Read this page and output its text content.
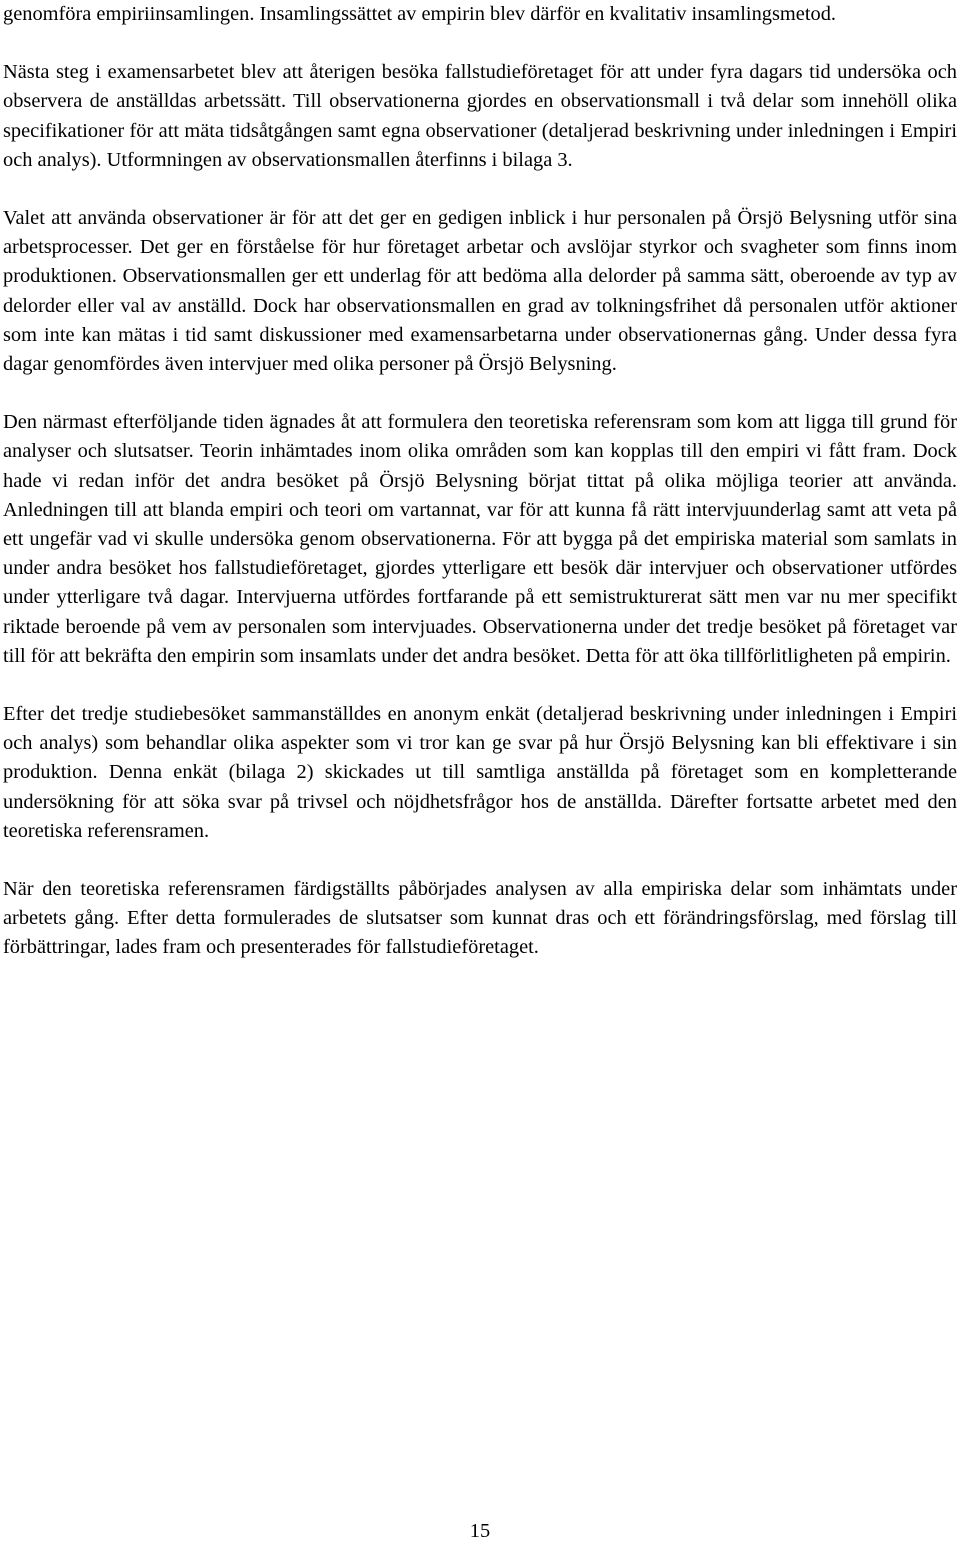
genomföra empiriinsamlingen. Insamlingssättet av empirin blev därför en kvalitativ insamlingsmetod.

Nästa steg i examensarbetet blev att återigen besöka fallstudieföretaget för att under fyra dagars tid undersöka och observera de anställdas arbetssätt. Till observationerna gjordes en observationsmall i två delar som innehöll olika specifikationer för att mäta tidsåtgången samt egna observationer (detaljerad beskrivning under inledningen i Empiri och analys). Utformningen av observationsmallen återfinns i bilaga 3.

Valet att använda observationer är för att det ger en gedigen inblick i hur personalen på Örsjö Belysning utför sina arbetsprocesser. Det ger en förståelse för hur företaget arbetar och avslöjar styrkor och svagheter som finns inom produktionen. Observationsmallen ger ett underlag för att bedöma alla delorder på samma sätt, oberoende av typ av delorder eller val av anställd. Dock har observationsmallen en grad av tolkningsfrihet då personalen utför aktioner som inte kan mätas i tid samt diskussioner med examensarbetarna under observationernas gång. Under dessa fyra dagar genomfördes även intervjuer med olika personer på Örsjö Belysning.

Den närmast efterföljande tiden ägnades åt att formulera den teoretiska referensram som kom att ligga till grund för analyser och slutsatser. Teorin inhämtades inom olika områden som kan kopplas till den empiri vi fått fram. Dock hade vi redan inför det andra besöket på Örsjö Belysning börjat tittat på olika möjliga teorier att använda. Anledningen till att blanda empiri och teori om vartannat, var för att kunna få rätt intervjuunderlag samt att veta på ett ungefär vad vi skulle undersöka genom observationerna. För att bygga på det empiriska material som samlats in under andra besöket hos fallstudieföretaget, gjordes ytterligare ett besök där intervjuer och observationer utfördes under ytterligare två dagar. Intervjuerna utfördes fortfarande på ett semistrukturerat sätt men var nu mer specifikt riktade beroende på vem av personalen som intervjuades. Observationerna under det tredje besöket på företaget var till för att bekräfta den empirin som insamlats under det andra besöket. Detta för att öka tillförlitligheten på empirin.

Efter det tredje studiebesöket sammanställdes en anonym enkät (detaljerad beskrivning under inledningen i Empiri och analys) som behandlar olika aspekter som vi tror kan ge svar på hur Örsjö Belysning kan bli effektivare i sin produktion. Denna enkät (bilaga 2) skickades ut till samtliga anställda på företaget som en kompletterande undersökning för att söka svar på trivsel och nöjdhetsfrågor hos de anställda. Därefter fortsatte arbetet med den teoretiska referensramen.

När den teoretiska referensramen färdigställts påbörjades analysen av alla empiriska delar som inhämtats under arbetets gång. Efter detta formulerades de slutsatser som kunnat dras och ett förändringsförslag, med förslag till förbättringar, lades fram och presenterades för fallstudieföretaget.

15
